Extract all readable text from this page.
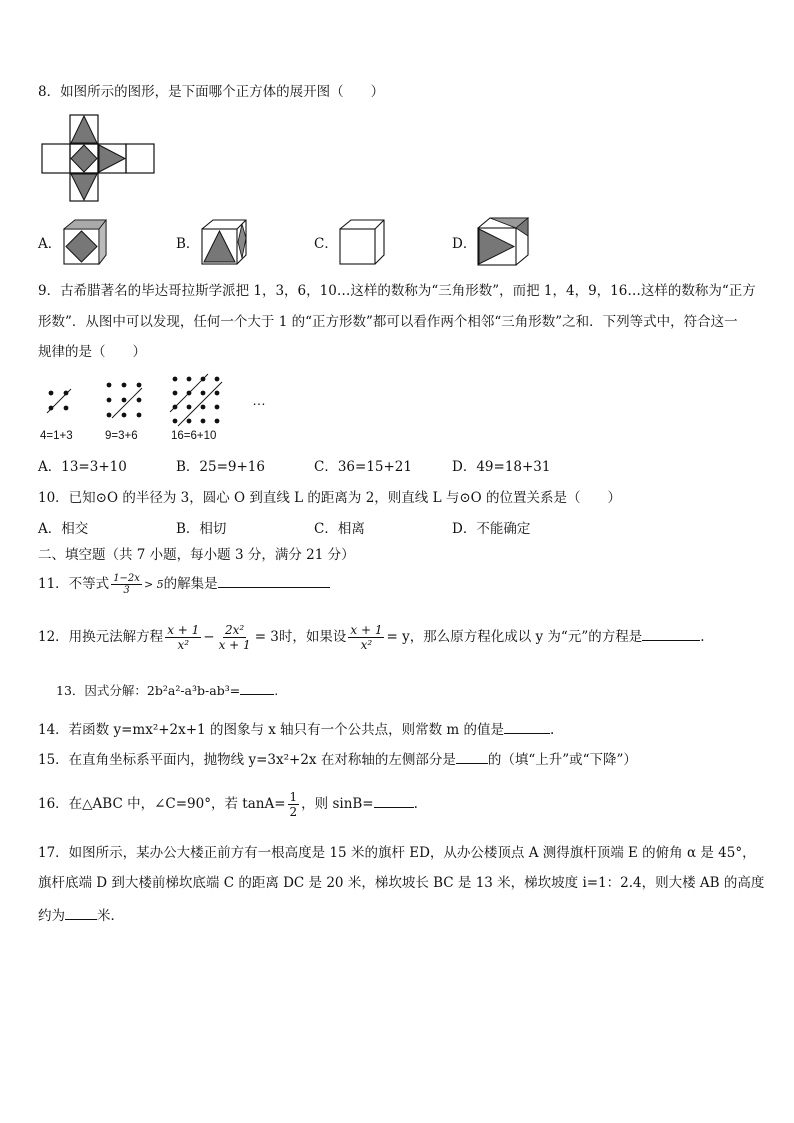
8．如图所示的图形，是下面哪个正方体的展开图（　　）
A．	B．	C．	D．
9．古希腊著名的毕达哥拉斯学派把 1，3，6，10…这样的数称为“三角形数”，而把 1，4，9，16…这样的数称为“正方
形数”．从图中可以发现，任何一个大于 1 的“正方形数”都可以看作两个相邻“三角形数”之和．下列等式中，符合这一
规律的是（　　）
4=1+3	9=3+6	16=6+10
…
A．13=3+10	B．25=9+16	C．36=15+21	D．49=18+31
10．已知⊙O 的半径为 3，圆心 O 到直线 L 的距离为 2，则直线 L 与⊙O 的位置关系是（　　）
A．相交	B．相切	C．相离	D．不能确定
二、填空题（共 7 小题，每小题 3 分，满分 21 分）
11．不等式 $\frac{1-2x}{3} > 5$的解集是
12．用换元法解方程 $\frac{x + 1}{\text{x²}} - \frac{\text{2x²}}{x + 1} = 3$时，如果设 $\frac{x + 1}{\text{x²}} = y$，那么原方程化成以 y 为“元”的方程是	.
13．因式分解：2b²a²-a³b-ab³=	.
14．若函数 y=mx²+2x+1 的图象与 x 轴只有一个公共点，则常数 m 的值是	.
15．在直角坐标系平面内，抛物线 y=3x²+2x 在对称轴的左侧部分是 的（填“上升”或“下降”）
16．在△ABC 中，∠C=90°，若 $\tan A= \frac{1}{2}$ ，则 sinB=	.
17．如图所示，某办公大楼正前方有一根高度是 15 米的旗杆 ED，从办公楼顶点 A 测得旗杆顶端 E 的俯角 α 是 45°，
旗杆底端 D 到大楼前梯坎底端 C 的距离 DC 是 20 米，梯坎坡长 BC 是 13 米，梯坎坡度 i=1：2.4，则大楼 AB 的高度
约为 米．
